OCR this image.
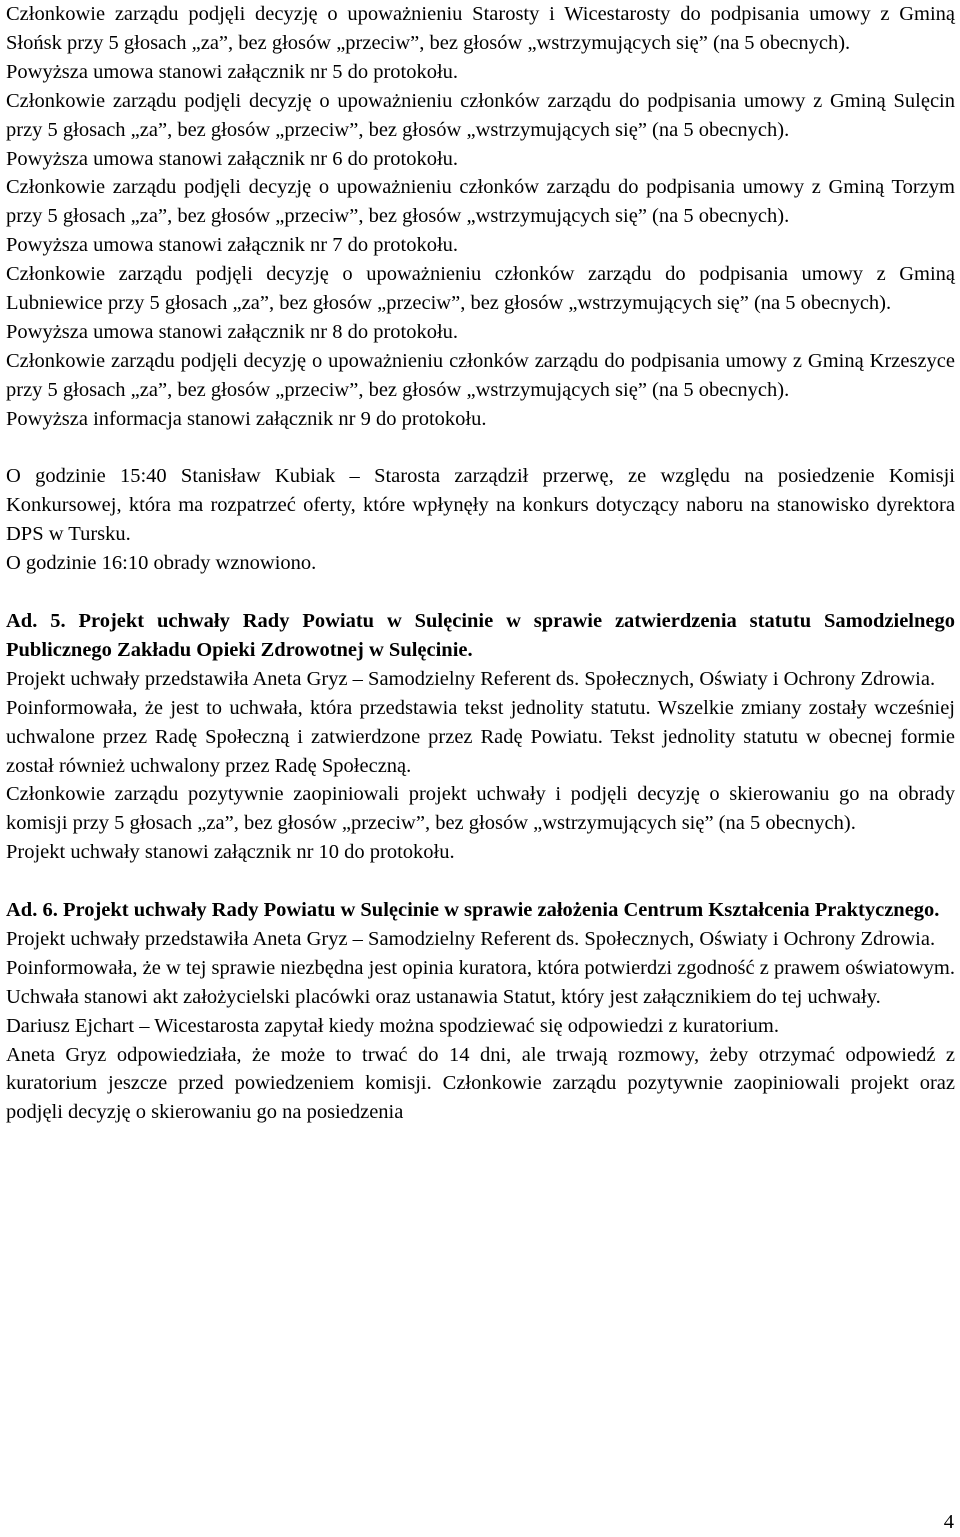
Członkowie zarządu podjęli decyzję o upoważnieniu Starosty i Wicestarosty do podpisania umowy z Gminą Słońsk przy 5 głosach „za”, bez głosów „przeciw”, bez głosów „wstrzymujących się” (na 5 obecnych).

Powyższa umowa stanowi załącznik nr 5 do protokołu.

Członkowie zarządu podjęli decyzję o upoważnieniu członków zarządu do podpisania umowy z Gminą Sulęcin przy 5 głosach „za”, bez głosów „przeciw”, bez głosów „wstrzymujących się” (na 5 obecnych).

Powyższa umowa stanowi załącznik nr 6 do protokołu.

Członkowie zarządu podjęli decyzję o upoważnieniu członków zarządu do podpisania umowy z Gminą Torzym przy 5 głosach „za”, bez głosów „przeciw”, bez głosów „wstrzymujących się” (na 5 obecnych).

Powyższa umowa stanowi załącznik nr 7 do protokołu.

Członkowie zarządu podjęli decyzję o upoważnieniu członków zarządu do podpisania umowy z Gminą Lubniewice przy 5 głosach „za”, bez głosów „przeciw”, bez głosów „wstrzymujących się” (na 5 obecnych).

Powyższa umowa stanowi załącznik nr 8 do protokołu.

Członkowie zarządu podjęli decyzję o upoważnieniu członków zarządu do podpisania umowy z Gminą Krzeszyce przy 5 głosach „za”, bez głosów „przeciw”, bez głosów „wstrzymujących się” (na 5 obecnych).

Powyższa informacja stanowi załącznik nr 9 do protokołu.

O godzinie 15:40 Stanisław Kubiak – Starosta zarządził przerwę, ze względu na posiedzenie Komisji Konkursowej, która ma rozpatrzeć oferty, które wpłynęły na konkurs dotyczący naboru na stanowisko dyrektora DPS w Tursku.

O godzinie 16:10 obrady wznowiono.

Ad. 5. Projekt uchwały Rady Powiatu w Sulęcinie w sprawie zatwierdzenia statutu Samodzielnego Publicznego Zakładu Opieki Zdrowotnej w Sulęcinie.

Projekt uchwały przedstawiła Aneta Gryz – Samodzielny Referent ds. Społecznych, Oświaty i Ochrony Zdrowia.

Poinformowała, że jest to uchwała, która przedstawia tekst jednolity statutu. Wszelkie zmiany zostały wcześniej uchwalone przez Radę Społeczną i zatwierdzone przez Radę Powiatu. Tekst jednolity statutu w obecnej formie został również uchwalony przez Radę Społeczną.

Członkowie zarządu pozytywnie zaopiniowali projekt uchwały i podjęli decyzję o skierowaniu go na obrady komisji przy 5 głosach „za”, bez głosów „przeciw”, bez głosów „wstrzymujących się” (na 5 obecnych).

Projekt uchwały stanowi załącznik nr 10 do protokołu.

Ad. 6. Projekt uchwały Rady Powiatu w Sulęcinie w sprawie założenia Centrum Kształcenia Praktycznego.

Projekt uchwały przedstawiła Aneta Gryz – Samodzielny Referent ds. Społecznych, Oświaty i Ochrony Zdrowia.

Poinformowała, że w tej sprawie niezbędna jest opinia kuratora, która potwierdzi zgodność z prawem oświatowym. Uchwała stanowi akt założycielski placówki oraz ustanawia Statut, który jest załącznikiem do tej uchwały.

Dariusz Ejchart – Wicestarosta zapytał kiedy można spodziewać się odpowiedzi z kuratorium.

Aneta Gryz odpowiedziała, że może to trwać do 14 dni, ale trwają rozmowy, żeby otrzymać odpowiedź z kuratorium jeszcze przed powiedzeniem komisji. Członkowie zarządu pozytywnie zaopiniowali projekt oraz podjęli decyzję o skierowaniu go na posiedzenia

4
